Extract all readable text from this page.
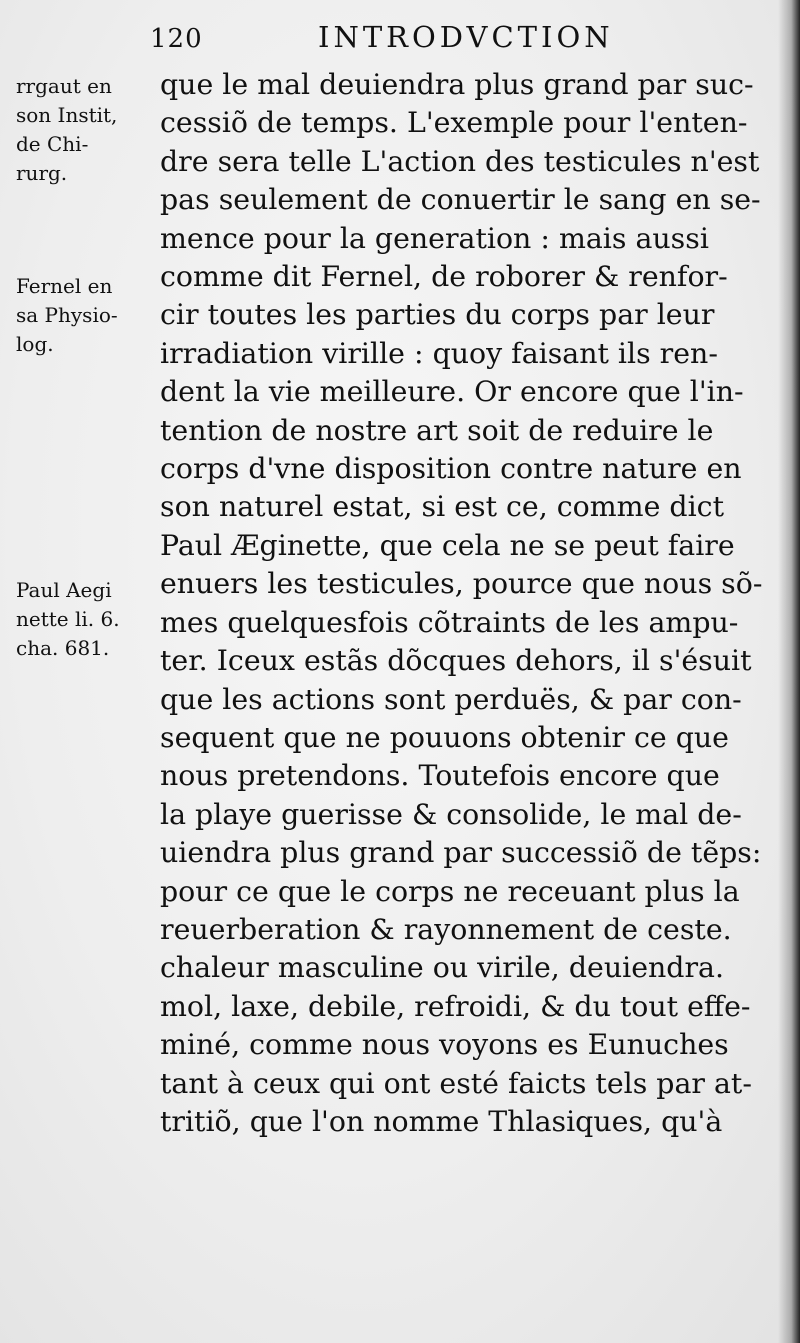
120	INTRODVCTION
rrgaut en
son Instit,
de Chi-
rurg.
Fernel en
sa Physio-
log.
Paul Aegi
nette li. 6.
cha. 681.
que le mal deuiendra plus grand par suc-
cessiõ de temps. L'exemple pour l'enten-
dre sera telle L'action des testicules n'est
pas seulement de conuertir le sang en se-
mence pour la generation : mais aussi
comme dit Fernel, de roborer & renfor-
cir toutes les parties du corps par leur
irradiation virille : quoy faisant ils ren-
dent la vie meilleure. Or encore que l'in-
tention de nostre art soit de reduire le
corps d'vne disposition contre nature en
son naturel estat, si est ce, comme dict
Paul Æginette, que cela ne se peut faire
enuers les testicules, pource que nous sõ-
mes quelquesfois cõtraints de les ampu-
ter. Iceux estãs dõcques dehors, il s'ésuit
que les actions sont perduës, & par con-
sequent que ne pouuons obtenir ce que
nous pretendons. Toutefois encore que
la playe guerisse & consolide, le mal de-
uiendra plus grand par successiõ de tẽps:
pour ce que le corps ne receuant plus la
reuerberation & rayonnement de ceste.
chaleur masculine ou virile, deuiendra.
mol, laxe, debile, refroidi, & du tout effe-
miné, comme nous voyons es Eunuches
tant à ceux qui ont esté faicts tels par at-
tritiõ, que l'on nomme Thlasiques, qu'à
